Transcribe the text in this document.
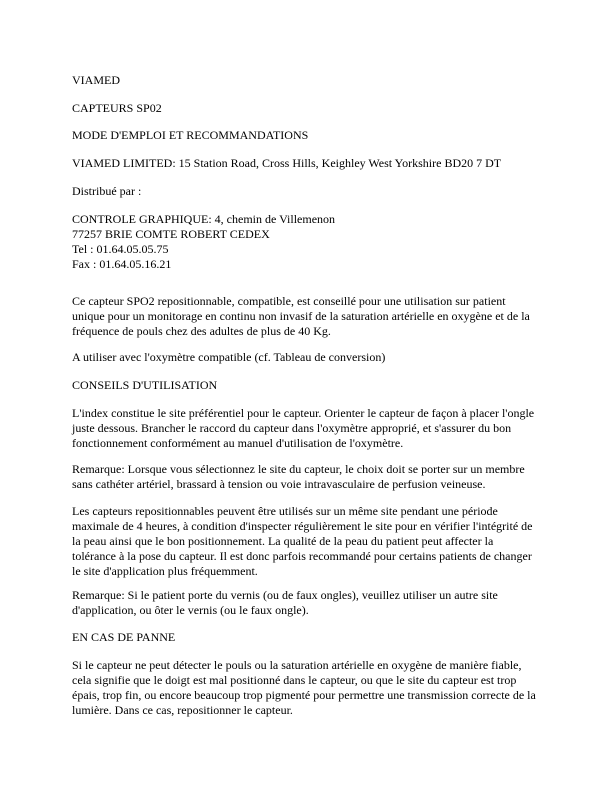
VIAMED

CAPTEURS SP02

MODE D'EMPLOI ET RECOMMANDATIONS

VIAMED LIMITED: 15 Station Road, Cross Hills, Keighley West Yorkshire BD20 7 DT

Distribué par :

CONTROLE GRAPHIQUE: 4, chemin de Villemenon
77257 BRIE COMTE ROBERT CEDEX
Tel : 01.64.05.05.75
Fax : 01.64.05.16.21
Ce capteur SPO2 repositionnable, compatible, est conseillé pour une utilisation sur patient
unique pour un monitorage en continu non invasif de la saturation artérielle en oxygène et de la
fréquence de pouls chez des adultes de plus de 40 Kg.

A utiliser avec l'oxymètre compatible (cf. Tableau de conversion)

CONSEILS D'UTILISATION

L'index constitue le site préférentiel pour le capteur. Orienter le capteur de façon à placer l'ongle
juste dessous. Brancher le raccord du capteur dans l'oxymètre approprié, et s'assurer du bon
fonctionnement conformément au manuel d'utilisation de l'oxymètre.
Remarque: Lorsque vous sélectionnez le site du capteur, le choix doit se porter sur un membre
sans cathéter artériel, brassard à tension ou voie intravasculaire de perfusion veineuse.
Les capteurs repositionnables peuvent être utilisés sur un même site pendant une période
maximale de 4 heures, à condition d'inspecter régulièrement le site pour en vérifier l'intégrité de
la peau ainsi que le bon positionnement. La qualité de la peau du patient peut affecter la
tolérance à la pose du capteur. Il est donc parfois recommandé pour certains patients de changer
le site d'application plus fréquemment.
Remarque: Si le patient porte du vernis (ou de faux ongles), veuillez utiliser un autre site
d'application, ou ôter le vernis (ou le faux ongle).

EN CAS DE PANNE

Si le capteur ne peut détecter le pouls ou la saturation artérielle en oxygène de manière fiable,
cela signifie que le doigt est mal positionné dans le capteur, ou que le site du capteur est trop
épais, trop fin, ou encore beaucoup trop pigmenté pour permettre une transmission correcte de la
lumière. Dans ce cas, repositionner le capteur.
